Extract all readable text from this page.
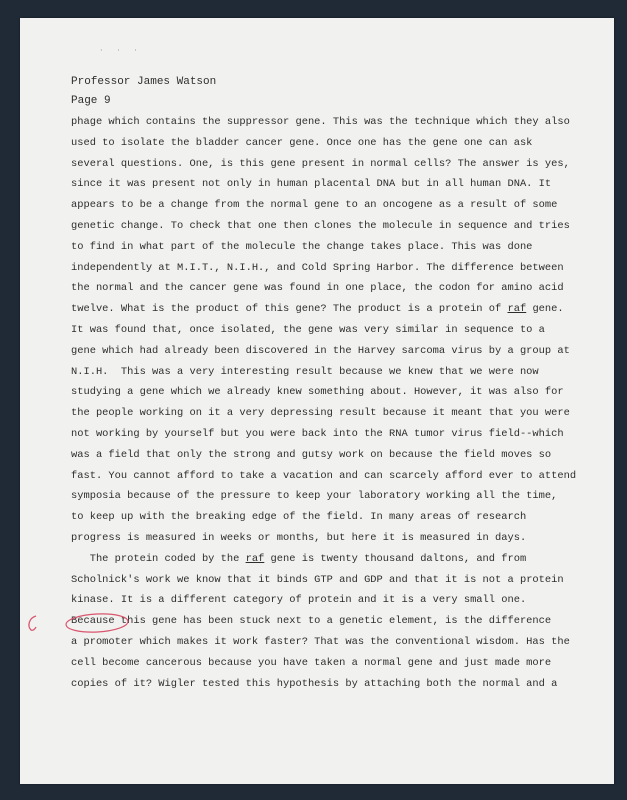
· · ·
Professor James Watson
Page 9
phage which contains the suppressor gene. This was the technique which they also
used to isolate the bladder cancer gene. Once one has the gene one can ask
several questions. One, is this gene present in normal cells? The answer is yes,
since it was present not only in human placental DNA but in all human DNA. It
appears to be a change from the normal gene to an oncogene as a result of some
genetic change. To check that one then clones the molecule in sequence and tries
to find in what part of the molecule the change takes place. This was done
independently at M.I.T., N.I.H., and Cold Spring Harbor. The difference between
the normal and the cancer gene was found in one place, the codon for amino acid
twelve. What is the product of this gene? The product is a protein of raf gene.
It was found that, once isolated, the gene was very similar in sequence to a
gene which had already been discovered in the Harvey sarcoma virus by a group at
N.I.H.  This was a very interesting result because we knew that we were now
studying a gene which we already knew something about. However, it was also for
the people working on it a very depressing result because it meant that you were
not working by yourself but you were back into the RNA tumor virus field--which
was a field that only the strong and gutsy work on because the field moves so
fast. You cannot afford to take a vacation and can scarcely afford ever to attend
symposia because of the pressure to keep your laboratory working all the time,
to keep up with the breaking edge of the field. In many areas of research
progress is measured in weeks or months, but here it is measured in days.
The protein coded by the raf gene is twenty thousand daltons, and from
Scholnick's work we know that it binds GTP and GDP and that it is not a protein
kinase. It is a different category of protein and it is a very small one.
Because this gene has been stuck next to a genetic element, is the difference
a promoter which makes it work faster? That was the conventional wisdom. Has the
cell become cancerous because you have taken a normal gene and just made more
copies of it? Wigler tested this hypothesis by attaching both the normal and a
